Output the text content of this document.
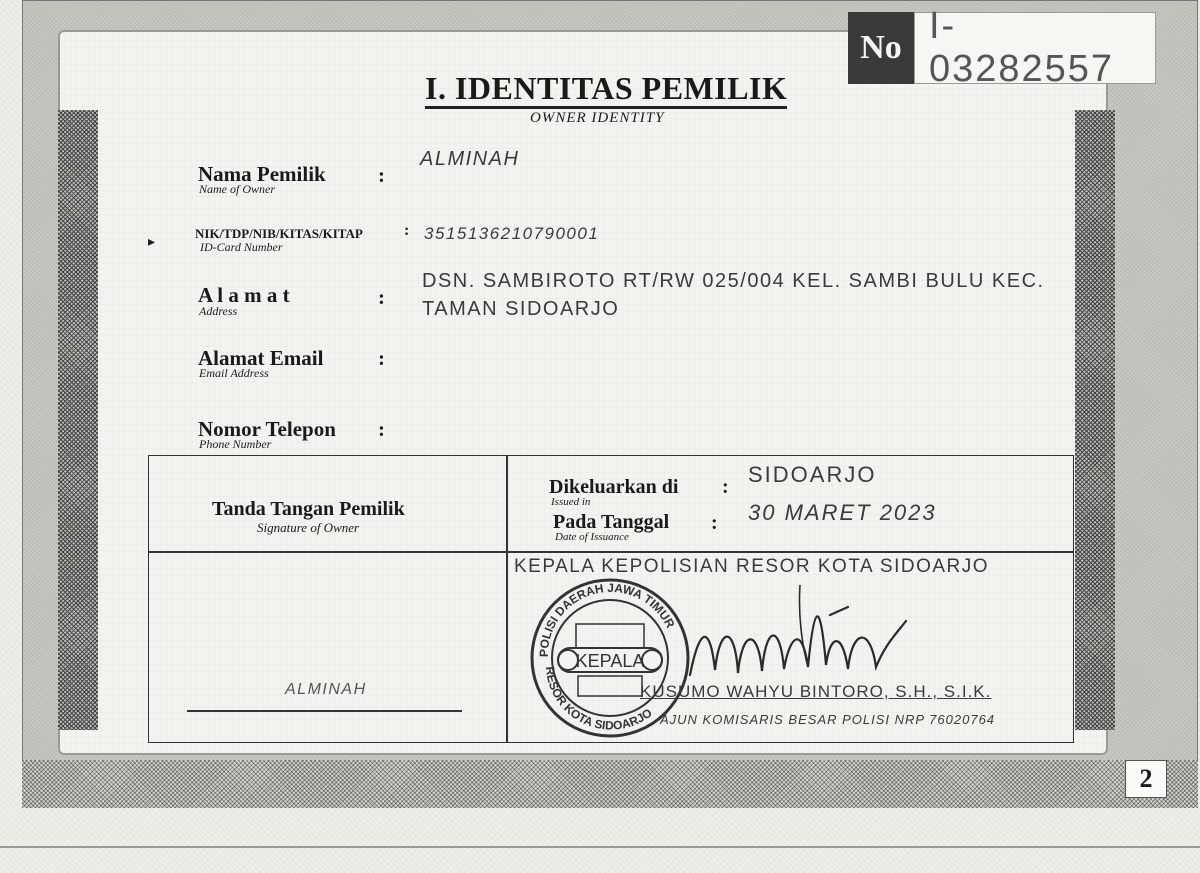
No
I-03282557
I. IDENTITAS PEMILIK
OWNER IDENTITY
Nama Pemilik
Name of Owner
:
ALMINAH
▸
NIK/TDP/NIB/KITAS/KITAP
ID-Card Number
: 3515136210790001
A l a m a t
Address
:
DSN. SAMBIROTO RT/RW 025/004 KEL. SAMBI BULU KEC.
TAMAN SIDOARJO
Alamat Email
Email Address
:
Nomor Telepon
Phone Number
:
Tanda Tangan Pemilik
Signature of Owner
Dikeluarkan di
Issued in
: SIDOARJO
Pada Tanggal
Date of Issuance
: 30 MARET 2023
KEPALA KEPOLISIAN RESOR KOTA SIDOARJO
POLISI DAERAH JAWA TIMUR
RESOR KOTA SIDOARJO
KEPALA
KUSUMO WAHYU BINTORO, S.H., S.I.K.
AJUN KOMISARIS BESAR POLISI NRP 76020764
ALMINAH
2
